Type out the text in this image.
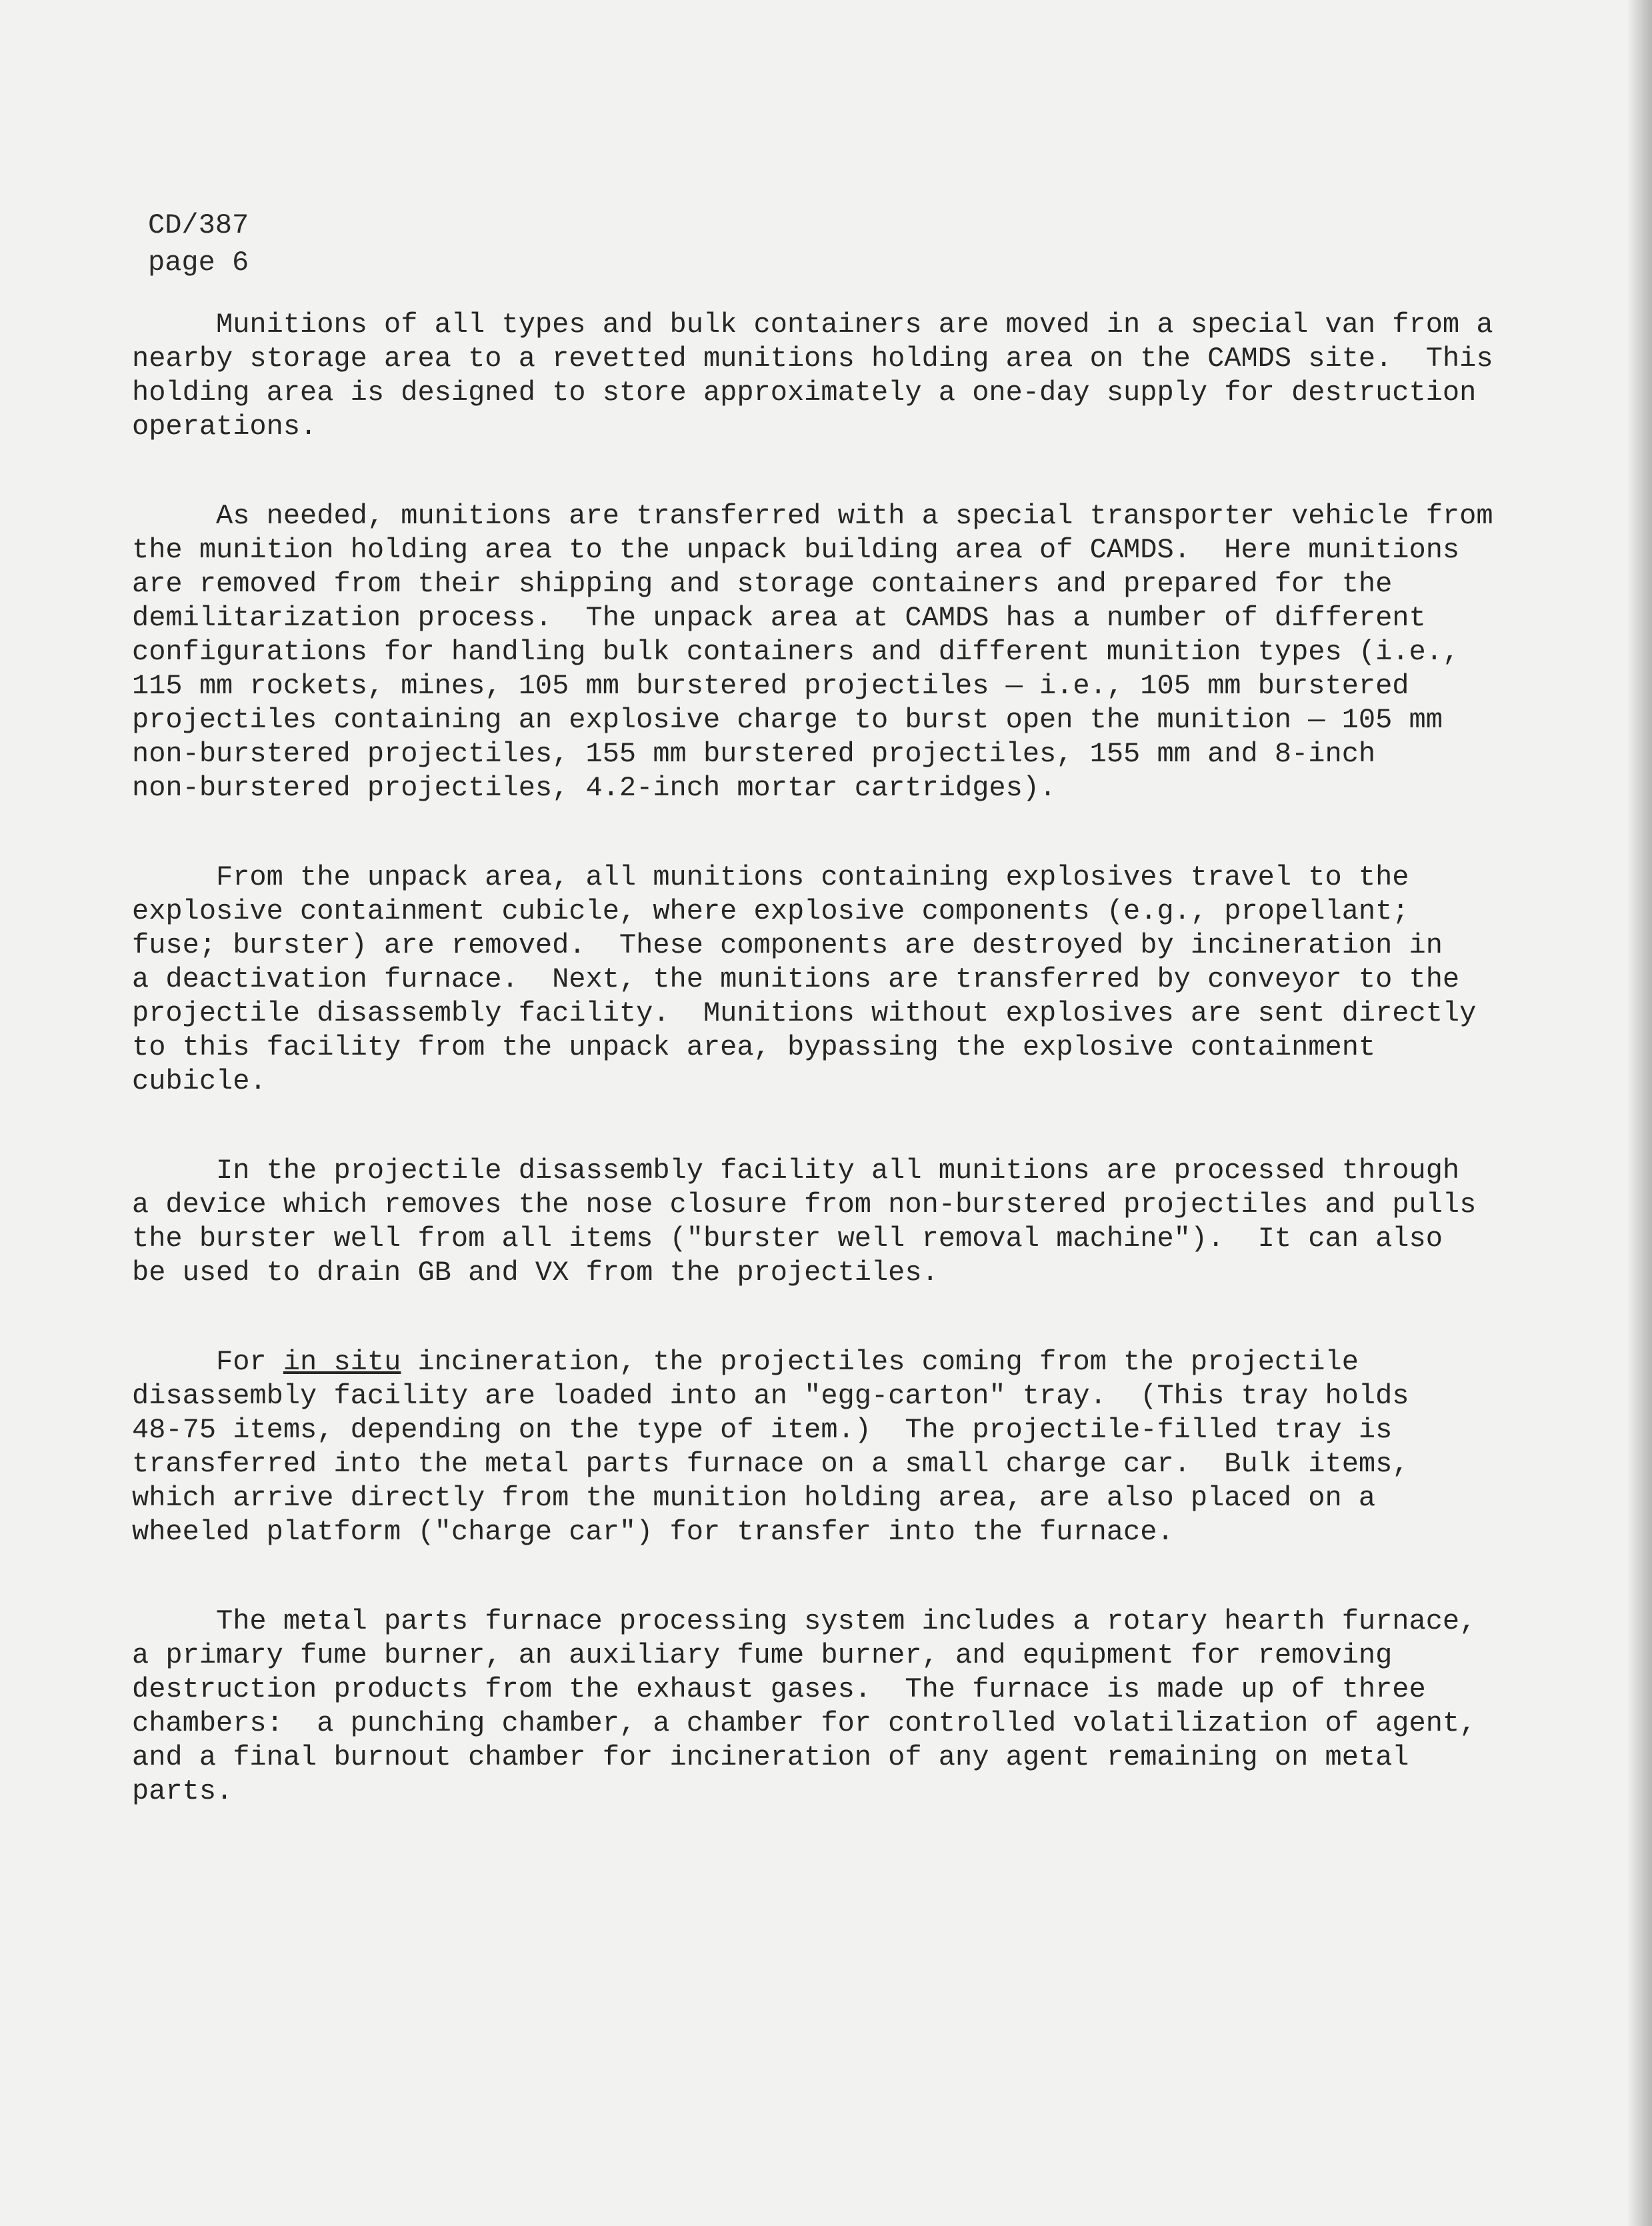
CD/387
page 6
Munitions of all types and bulk containers are moved in a special van from a
nearby storage area to a revetted munitions holding area on the CAMDS site.  This
holding area is designed to store approximately a one-day supply for destruction
operations.
As needed, munitions are transferred with a special transporter vehicle from
the munition holding area to the unpack building area of CAMDS.  Here munitions
are removed from their shipping and storage containers and prepared for the
demilitarization process.  The unpack area at CAMDS has a number of different
configurations for handling bulk containers and different munition types (i.e.,
115 mm rockets, mines, 105 mm burstered projectiles — i.e., 105 mm burstered
projectiles containing an explosive charge to burst open the munition — 105 mm
non-burstered projectiles, 155 mm burstered projectiles, 155 mm and 8-inch
non-burstered projectiles, 4.2-inch mortar cartridges).
From the unpack area, all munitions containing explosives travel to the
explosive containment cubicle, where explosive components (e.g., propellant;
fuse; burster) are removed.  These components are destroyed by incineration in
a deactivation furnace.  Next, the munitions are transferred by conveyor to the
projectile disassembly facility.  Munitions without explosives are sent directly
to this facility from the unpack area, bypassing the explosive containment
cubicle.
In the projectile disassembly facility all munitions are processed through
a device which removes the nose closure from non-burstered projectiles and pulls
the burster well from all items ("burster well removal machine").  It can also
be used to drain GB and VX from the projectiles.
For in situ incineration, the projectiles coming from the projectile
disassembly facility are loaded into an "egg-carton" tray.  (This tray holds
48-75 items, depending on the type of item.)  The projectile-filled tray is
transferred into the metal parts furnace on a small charge car.  Bulk items,
which arrive directly from the munition holding area, are also placed on a
wheeled platform ("charge car") for transfer into the furnace.
The metal parts furnace processing system includes a rotary hearth furnace,
a primary fume burner, an auxiliary fume burner, and equipment for removing
destruction products from the exhaust gases.  The furnace is made up of three
chambers:  a punching chamber, a chamber for controlled volatilization of agent,
and a final burnout chamber for incineration of any agent remaining on metal
parts.
